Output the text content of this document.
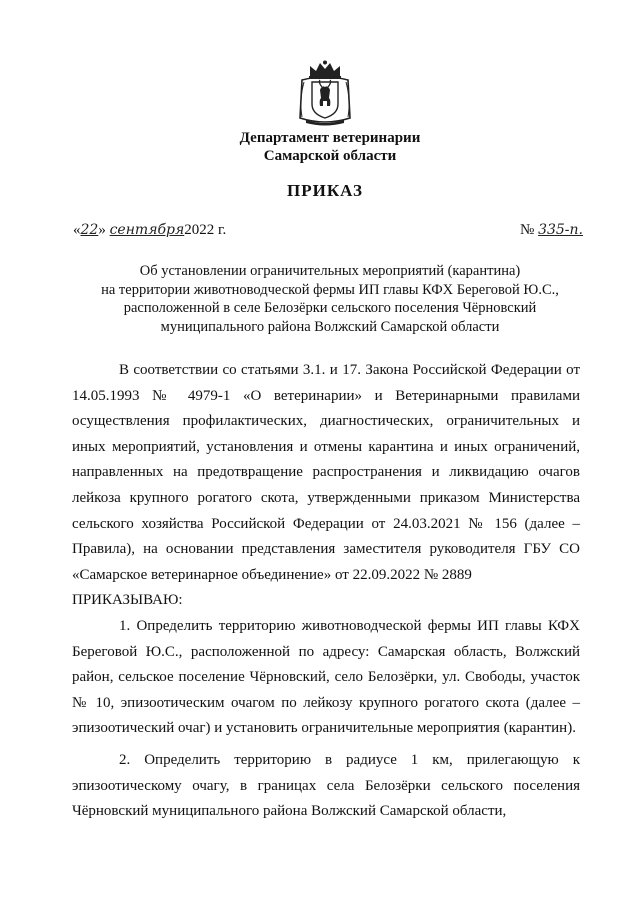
Департамент ветеринарии
Самарской области
ПРИКАЗ
«22» сентября2022 г.	№ 335-п.
Об установлении ограничительных мероприятий (карантина)
на территории животноводческой фермы ИП главы КФХ Береговой Ю.С.,
расположенной в селе Белозёрки сельского поселения Чёрновский
муниципального района Волжский Самарской области

В соответствии со статьями 3.1. и 17. Закона Российской Федерации от 14.05.1993 № 4979-1 «О ветеринарии» и Ветеринарными правилами осуществления профилактических, диагностических, ограничительных и иных мероприятий, установления и отмены карантина и иных ограничений, направленных на предотвращение распространения и ликвидацию очагов лейкоза крупного рогатого скота, утвержденными приказом Министерства сельского хозяйства Российской Федерации от 24.03.2021 № 156 (далее – Правила), на основании представления заместителя руководителя ГБУ СО «Самарское ветеринарное объединение» от 22.09.2022 № 2889

ПРИКАЗЫВАЮ:

1. Определить территорию животноводческой фермы ИП главы КФХ Береговой Ю.С., расположенной по адресу: Самарская область, Волжский район, сельское поселение Чёрновский, село Белозёрки, ул. Свободы, участок № 10, эпизоотическим очагом по лейкозу крупного рогатого скота (далее – эпизоотический очаг) и установить ограничительные мероприятия (карантин).

2. Определить территорию в радиусе 1 км, прилегающую к эпизоотическому очагу, в границах села Белозёрки сельского поселения Чёрновский муниципального района Волжский Самарской области,
